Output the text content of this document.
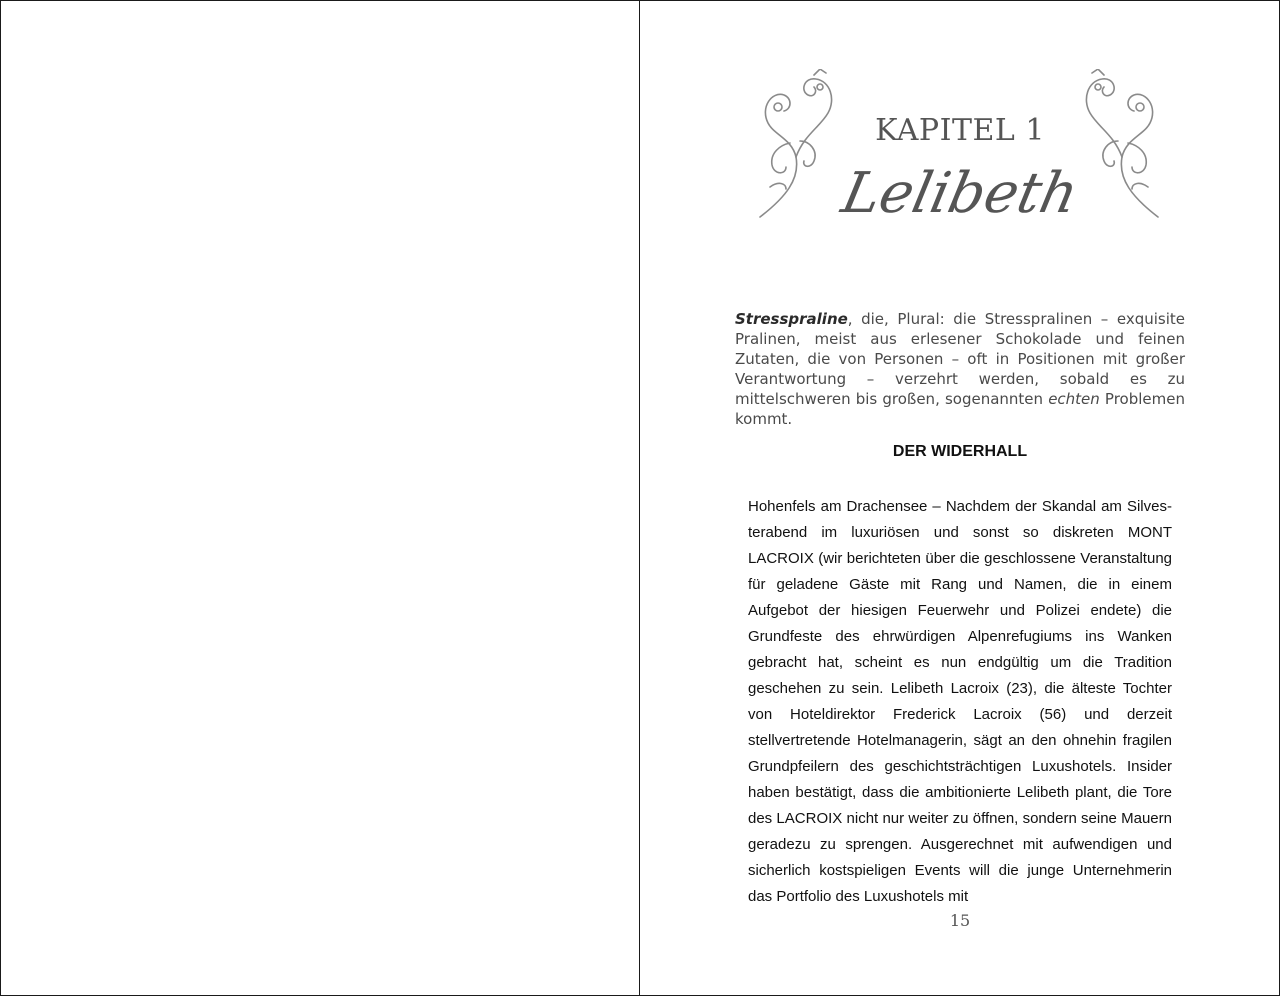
KAPITEL 1
Lelibeth

Stresspraline, die, Plural: die Stresspralinen – exquisite Pralinen, meist aus erlesener Schokolade und feinen Zutaten, die von Personen – oft in Positionen mit großer Verantwortung – verzehrt werden, sobald es zu mittelschweren bis großen, sogenannten echten Problemen kommt.

DER WIDERHALL

Hohenfels am Drachensee – Nachdem der Skandal am Silvesterabend im luxuriösen und sonst so diskreten MONT LACROIX (wir berichteten über die geschlossene Veranstaltung für geladene Gäste mit Rang und Namen, die in einem Aufgebot der hiesigen Feuerwehr und Polizei endete) die Grundfeste des ehrwürdigen Alpenrefugiums ins Wanken gebracht hat, scheint es nun endgültig um die Tradition geschehen zu sein. Lelibeth Lacroix (23), die älteste Tochter von Hoteldirektor Frederick Lacroix (56) und derzeit stellvertretende Hotelmanagerin, sägt an den ohnehin fragilen Grundpfeilern des geschichtsträchtigen Luxushotels. Insider haben bestätigt, dass die ambitionierte Lelibeth plant, die Tore des LACROIX nicht nur weiter zu öffnen, sondern seine Mauern geradezu zu sprengen. Ausgerechnet mit aufwendigen und sicherlich kostspieligen Events will die junge Unternehmerin das Portfolio des Luxushotels mit

15
